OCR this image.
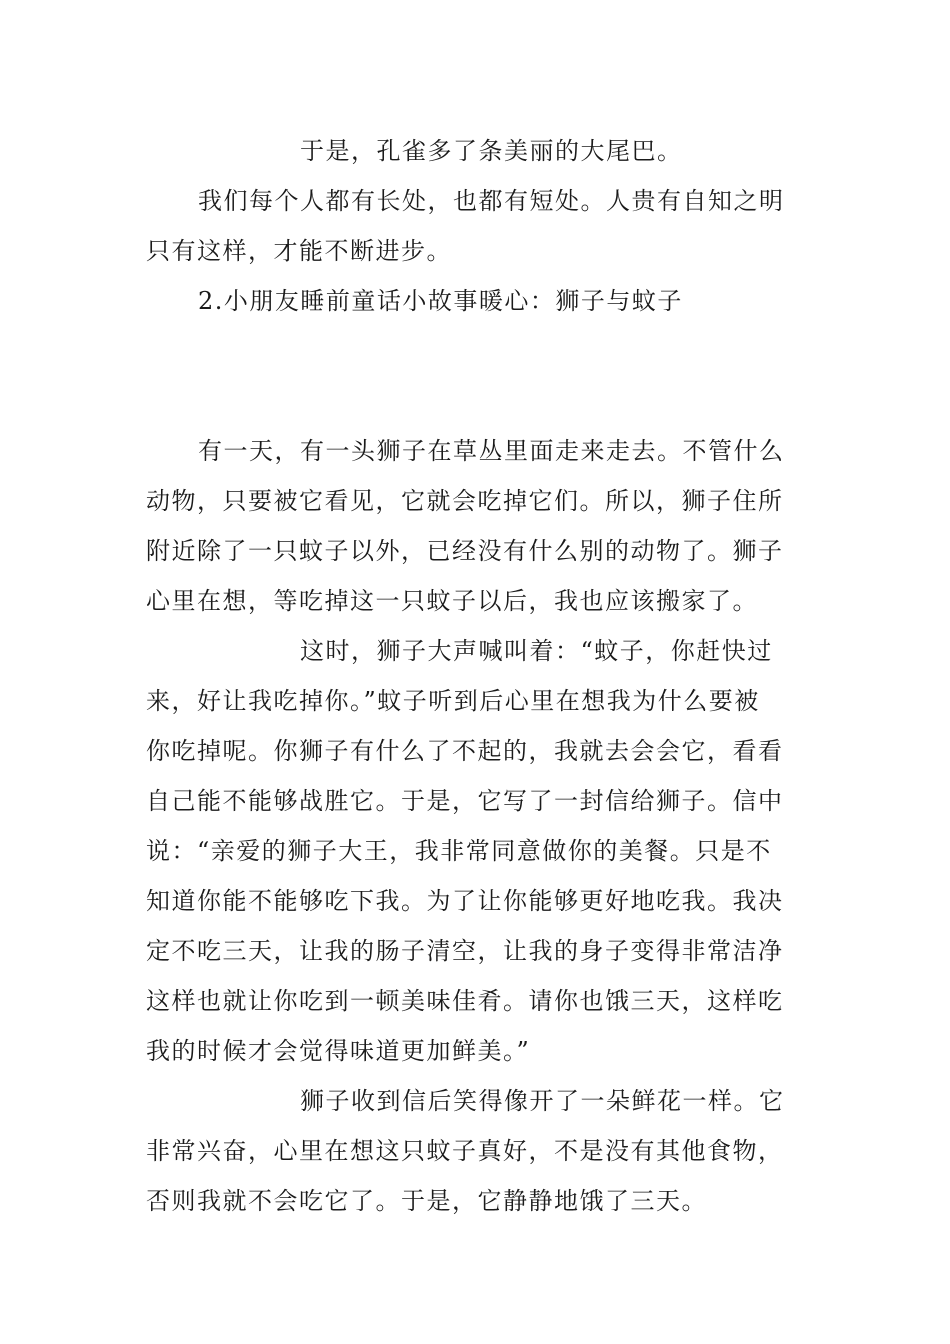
于是，孔雀多了条美丽的大尾巴。
我们每个人都有长处，也都有短处。人贵有自知之明
只有这样，才能不断进步。
2.小朋友睡前童话小故事暖心：狮子与蚊子
有一天，有一头狮子在草丛里面走来走去。不管什么
动物，只要被它看见，它就会吃掉它们。所以，狮子住所
附近除了一只蚊子以外，已经没有什么别的动物了。狮子
心里在想，等吃掉这一只蚊子以后，我也应该搬家了。
这时，狮子大声喊叫着：“蚊子，你赶快过
来，好让我吃掉你。”蚊子听到后心里在想我为什么要被
你吃掉呢。你狮子有什么了不起的，我就去会会它，看看
自己能不能够战胜它。于是，它写了一封信给狮子。信中
说：“亲爱的狮子大王，我非常同意做你的美餐。只是不
知道你能不能够吃下我。为了让你能够更好地吃我。我决
定不吃三天，让我的肠子清空，让我的身子变得非常洁净
这样也就让你吃到一顿美味佳肴。请你也饿三天，这样吃
我的时候才会觉得味道更加鲜美。”
狮子收到信后笑得像开了一朵鲜花一样。它
非常兴奋，心里在想这只蚊子真好，不是没有其他食物，
否则我就不会吃它了。于是，它静静地饿了三天。
